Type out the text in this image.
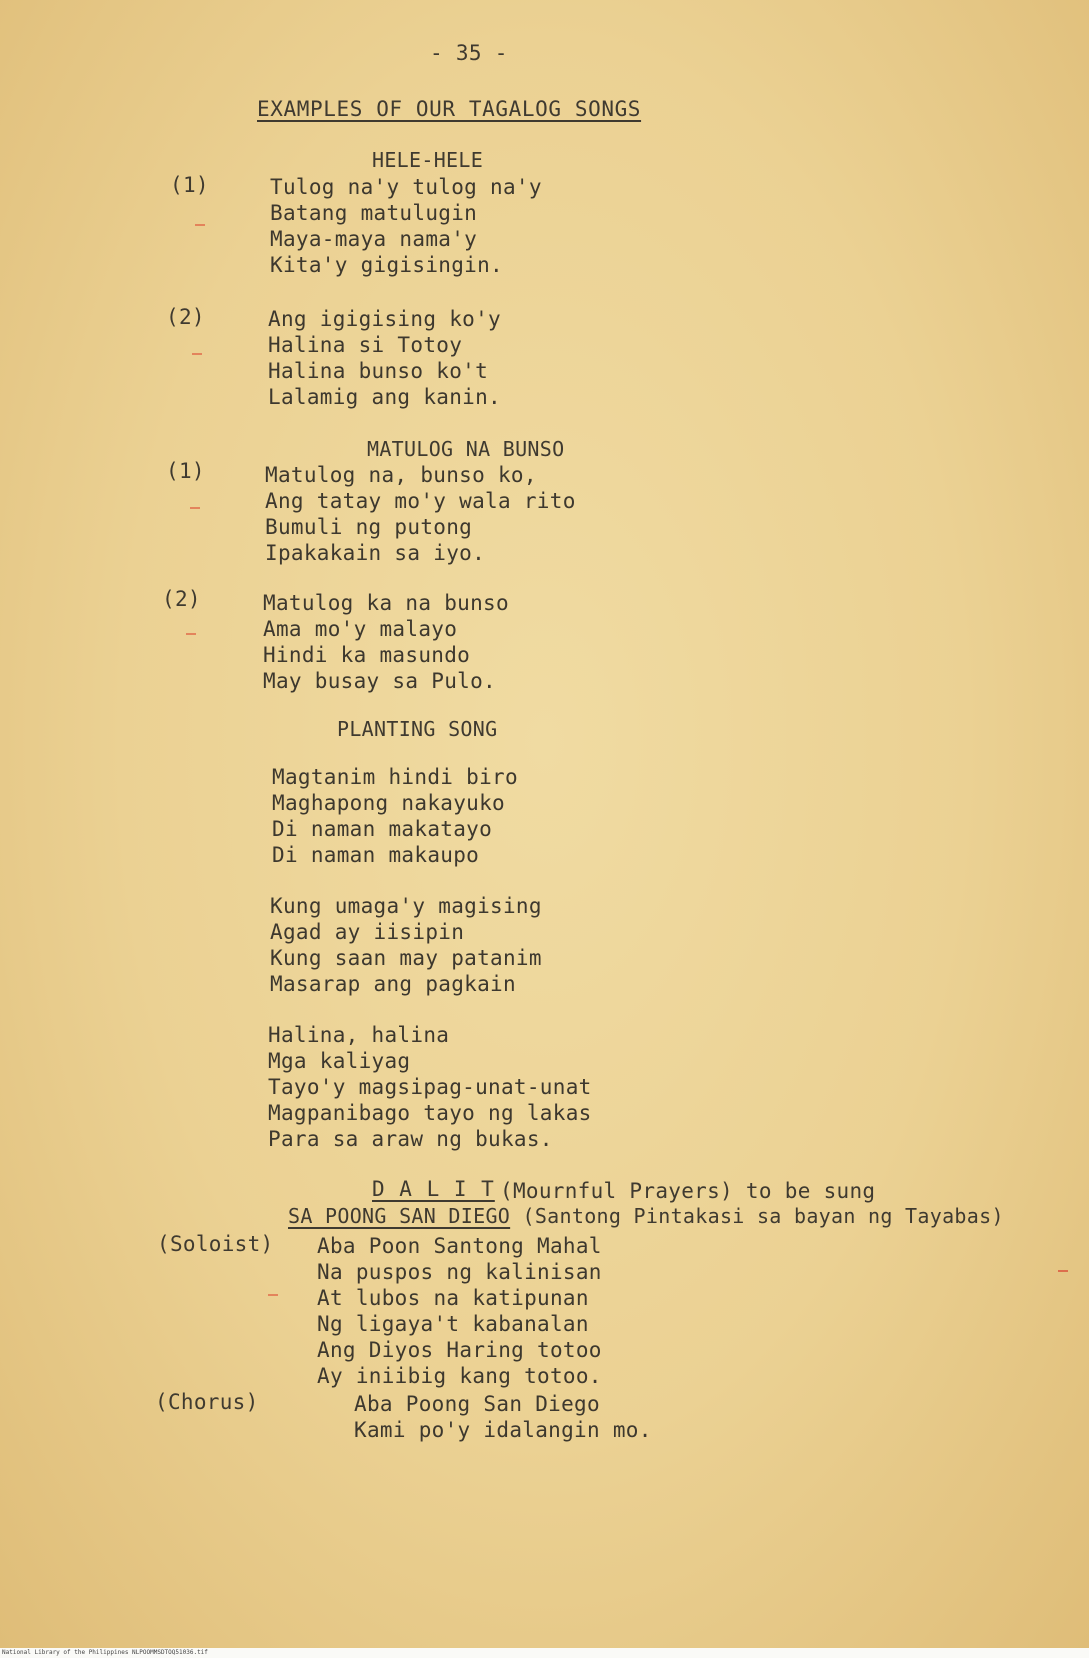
- 35 -
EXAMPLES OF OUR TAGALOG SONGS
HELE-HELE
(1)	Tulog na'y tulog na'y
Batang matulugin
Maya-maya nama'y
Kita'y gigisingin.
(2)	Ang igigising ko'y
Halina si Totoy
Halina bunso ko't
Lalamig ang kanin.
MATULOG NA BUNSO
(1)	Matulog na, bunso ko,
Ang tatay mo'y wala rito
Bumuli ng putong
Ipakakain sa iyo.
(2)	Matulog ka na bunso
Ama mo'y malayo
Hindi ka masundo
May busay sa Pulo.
PLANTING SONG
Magtanim hindi biro
Maghapong nakayuko
Di naman makatayo
Di naman makaupo
Kung umaga'y magising
Agad ay iisipin
Kung saan may patanim
Masarap ang pagkain
Halina, halina
Mga kaliyag
Tayo'y magsipag-unat-unat
Magpanibago tayo ng lakas
Para sa araw ng bukas.
D A L I T (Mournful Prayers) to be sung
SA POONG SAN DIEGO (Santong Pintakasi sa bayan ng Tayabas)
(Soloist) Aba Poon Santong Mahal
Na puspos ng kalinisan
At lubos na katipunan
Ng ligaya't kabanalan
Ang Diyos Haring totoo
Ay iniibig kang totoo.
(Chorus)	Aba Poong San Diego
Kami po'y idalangin mo.
National Library of the Philippines NLPOOMMSDTOQ51036.tif
